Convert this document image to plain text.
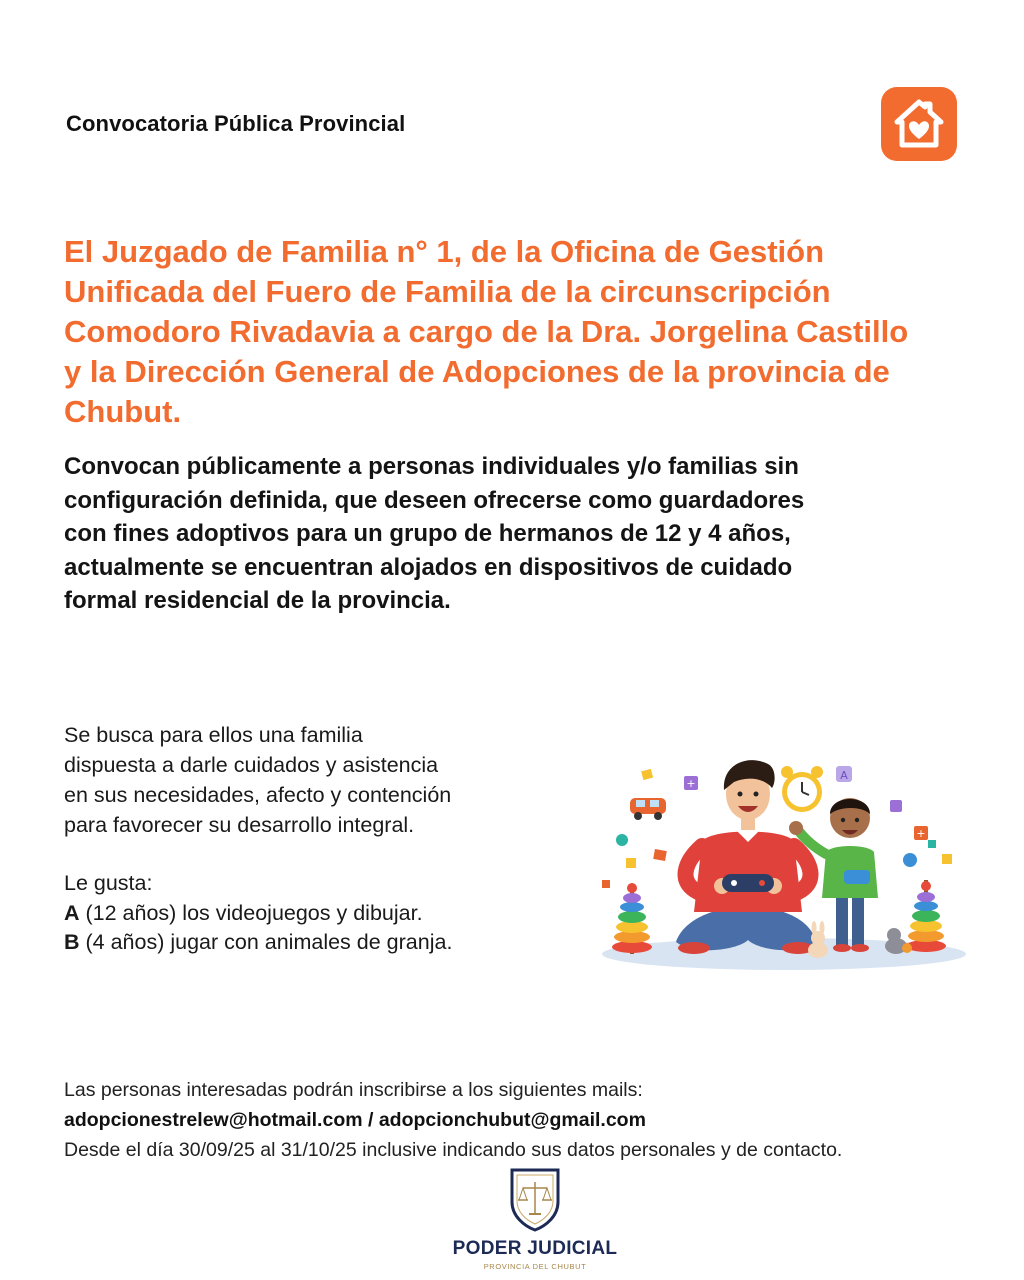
Convocatoria Pública Provincial
El Juzgado de Familia n° 1, de la Oficina de Gestión
Unificada del Fuero de Familia de la circunscripción
Comodoro Rivadavia a cargo de la Dra. Jorgelina Castillo
y la Dirección General de Adopciones de la provincia de
Chubut.
Convocan públicamente a personas individuales y/o familias sin
configuración definida, que deseen ofrecerse como guardadores
con fines adoptivos para un grupo de hermanos de 12 y 4 años,
actualmente se encuentran alojados en dispositivos de cuidado
formal residencial de la provincia.
Se busca para ellos una familia
dispuesta a darle cuidados y asistencia
en sus necesidades, afecto y contención
para favorecer su desarrollo integral.
Le gusta:
A (12 años) los videojuegos y dibujar.
B (4 años) jugar con animales de granja.
+
A
+
Las personas interesadas podrán inscribirse a los siguientes mails:
adopcionestrelew@hotmail.com / adopcionchubut@gmail.com
Desde el día 30/09/25 al 31/10/25 inclusive indicando sus datos personales y de contacto.
PODER JUDICIAL
PROVINCIA DEL CHUBUT
